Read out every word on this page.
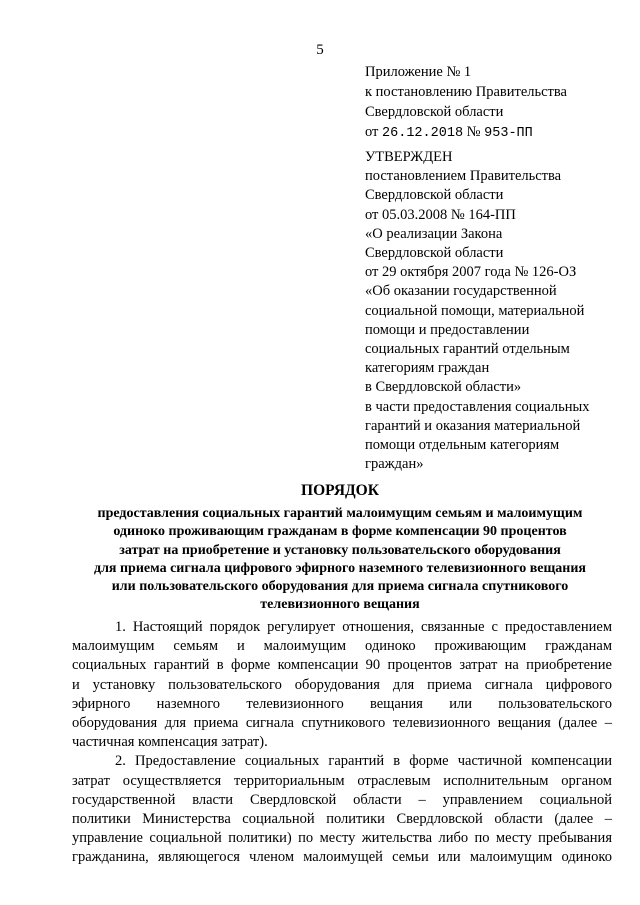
5
Приложение № 1
к постановлению Правительства
Свердловской области
от 26.12.2018 № 953-ПП
УТВЕРЖДЕН
постановлением Правительства
Свердловской области
от 05.03.2008 № 164-ПП
«О реализации Закона
Свердловской области
от 29 октября 2007 года № 126-ОЗ
«Об оказании государственной
социальной помощи, материальной
помощи и предоставлении
социальных гарантий отдельным
категориям граждан
в Свердловской области»
в части предоставления социальных
гарантий и оказания материальной
помощи отдельным категориям
граждан»
ПОРЯДОК
предоставления социальных гарантий малоимущим семьям и малоимущим
одиноко проживающим гражданам в форме компенсации 90 процентов
затрат на приобретение и установку пользовательского оборудования
для приема сигнала цифрового эфирного наземного телевизионного вещания
или пользовательского оборудования для приема сигнала спутникового
телевизионного вещания
1. Настоящий порядок регулирует отношения, связанные с предоставлением
малоимущим семьям и малоимущим одиноко проживающим гражданам
социальных гарантий в форме компенсации 90 процентов затрат на приобретение
и установку пользовательского оборудования для приема сигнала цифрового
эфирного наземного телевизионного вещания или пользовательского
оборудования для приема сигнала спутникового телевизионного вещания (далее –
частичная компенсация затрат).
2. Предоставление социальных гарантий в форме частичной компенсации
затрат осуществляется территориальным отраслевым исполнительным органом
государственной власти Свердловской области – управлением социальной
политики Министерства социальной политики Свердловской области (далее –
управление социальной политики) по месту жительства либо по месту пребывания
гражданина, являющегося членом малоимущей семьи или малоимущим одиноко
